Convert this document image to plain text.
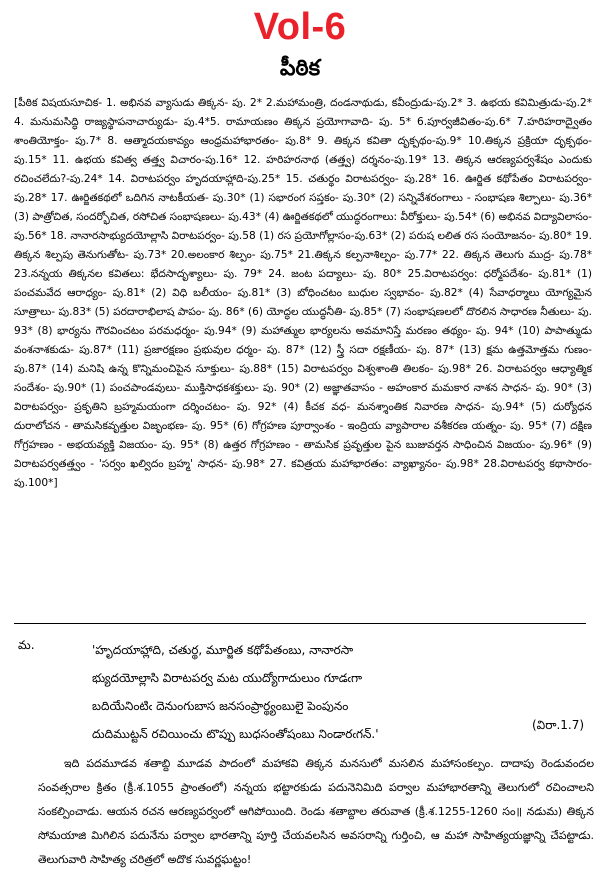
Vol-6
పీఠిక
[పీఠిక విషయసూచిక- 1. అభినవ వ్యాసుడు తిక్కన- పు. 2* 2.మహామంత్రి, దండనాథుడు, కవీంద్రుడు-పు.2* 3. ఉభయ కవిమిత్రుడు-పు.2* 4. మనుమసిద్ధి రాజ్యస్థాపనాచార్యుడు- పు.4*5. రామాయణం తిక్కన ప్రయోగావాది- పు. 5* 6.పూర్వజీవితం-పు.6* 7.హరిహరాద్వైతం శాంతియోక్తం- పు.7* 8. ఆత్మాదయకావ్యం ఆంధ్రమహాభారతం- పు.8* 9. తిక్కన కవితా దృక్పథం-పు.9* 10.తిక్కన ప్రక్రియా దృక్పథం- పు.15* 11. ఉభయ కవిత్వ తత్త్వ విచారం-పు.16* 12. హరిహరనాథ (తత్త్వ) దర్శనం-పు.19* 13. తిక్కన ఆరణ్యపర్వశేషం ఎందుకు రచించలేదు?-పు.24* 14. విరాటపర్వం హృదయాహ్లాది-పు.25* 15. చతుర్థం విరాటపర్వం- పు.28* 16. ఊర్జిత కథోపేతం విరాటపర్వం- పు.28* 17. ఊర్జితకథలో ఒదిగిన నాటకీయత- పు.30* (1) సభారంగ సప్తకం- పు.30* (2) సన్నివేశరంగాలు - సంభాషణ శిల్పాలు- పు.36* (3) పాత్రోచిత, సందర్భోచిత, రసోచిత సంభాషణలు- పు.43* (4) ఊర్జితకథలో యుద్ధరంగాలు: వీరోక్తులు- పు.54* (6) అభినవ విద్యావిలాసం-పు.56* 18. నానారసాభ్యుదయోల్లాసి విరాటపర్వం- పు.58 (1) రస ప్రయోగోల్లాసం-పు.63* (2) పరుష లలిత రస సంయోజనం- పు.80* 19. తిక్కన శిల్పపు తెనుగుతోట- పు.73* 20.అలంకార శిల్పం- పు.75* 21.తిక్కన కల్పనాశిల్పం- పు.77* 22. తిక్కన తెలుగు ముద్ర- పు.78* 23.నన్నయ తిక్కనల కవితలు: భేదసాదృశ్యాలు- పు. 79* 24. జంట పద్యాలు- పు. 80* 25.విరాటపర్వం: ధర్మోపదేశం- పు.81* (1) పంచమవేద ఆరాధ్యం- పు.81* (2) విధి బలీయం- పు.81* (3) బోధించటం బుధుల స్వభావం- పు.82* (4) సేవాధర్మాలు యోగ్యమైన సూత్రాలు- పు.83* (5) పరదారాభిలాష పాపం- పు. 86* (6) యోద్ధల యుద్ధనీతి- పు.85* (7) సంభాషణలలో దొరలిన సాధారణ నీతులు- పు. 93* (8) భార్యను గౌరవించటం పరమధర్మం- పు.94* (9) మహాత్ముల భార్యలను అవమానిస్తే మరణం తథ్యం- పు. 94* (10) పాపాత్ముడు వంశనాశకుడు- పు.87* (11) ప్రజారక్షణం ప్రభువుల ధర్మం- పు. 87* (12) స్త్రీ సదా రక్షణీయ- పు. 87* (13) క్షమ ఉత్తమోత్తమ గుణం- పు.87* (14) మనిషి ఉన్న కొన్నిమంచిపైన సూక్తులు- పు.88* (15) విరాటపర్వం విశ్వశాంతి తిలకం- పు.98* 26. విరాటపర్వం ఆధ్యాత్మిక సందేశం- పు.90* (1) పంచపాండవులు- ముక్తిసాధకశక్తులు- పు. 90* (2) అజ్ఞాతవాసం - అహంకార మమకార నాశన సాధన- పు. 90* (3) విరాటపర్వం- ప్రకృతిని బ్రహ్మమయంగా దర్శించటం- పు. 92* (4) కీచక వధ- మనశ్శాంతిక నివారణ సాధన- పు.94* (5) దుర్యోధన దురాలోచన - తామసికవృత్తుల విజృంభణ- పు. 95* (6) గోగ్రహణ పూర్వాంశం - ఇంద్రియ వ్యాపారాల వశీకరణ యత్నం- పు. 95* (7) దక్షిణ గోగ్రహణం - అభయవ్యక్తి విజయం- పు. 95* (8) ఉత్తర గోగ్రహణం - తామసిక ప్రవృత్తుల పైన బుజువర్తన సాధించిన విజయం- పు.96* (9) విరాటపర్వతత్త్వం - 'సర్వం ఖల్విదం బ్రహ్మ' సాధన- పు.98* 27. కవిత్రయ మహాభారతం: వ్యాఖ్యానం- పు.98* 28.విరాటపర్వ కథాసారం- పు.100*]
మ.	'హృదయాహ్లాది, చతుర్థ, మూర్జిత కథోపేతంబు, నానారసా
భ్యుదయోల్లాసి విరాటపర్వ మట యుద్యోగాదులుం గూడఁగా
బదియేనింటిఁ దెనుంగుబాస జనసంప్రార్థ్యంబులై పెంపునం
దుదిముట్టన్ రచియించు టొప్పు బుధసంతోషంబు నిండారఁగన్.'
(విరా.1.7)
ఇది పదమూడవ శతాబ్ది మూడవ పాదంలో మహాకవి తిక్కన మనసులో మసలిన మహాసంకల్పం. దాదాపు రెండువందల సంవత్సరాల క్రితం (క్రీ.శ.1055 ప్రాంతంలో) నన్నయ భట్టారకుడు పదునెనిమిది పర్వాల మహాభారతాన్ని తెలుగులో రచించాలని సంకల్పించాడు. ఆయన రచన ఆరణ్యపర్వంలో ఆగిపోయింది. రెండు శతాబ్దాల తరువాత (క్రీ.శ.1255-1260 సం॥ నడుమ) తిక్కన సోమయాజి మిగిలిన పదునేను పర్వాల భారతాన్ని పూర్తి చేయవలసిన అవసరాన్ని గుర్తించి, ఆ మహా సాహిత్యయజ్ఞాన్ని చేపట్టాడు. తెలుగువారి సాహిత్య చరిత్రలో అదొక సువర్ణఘట్టం!
